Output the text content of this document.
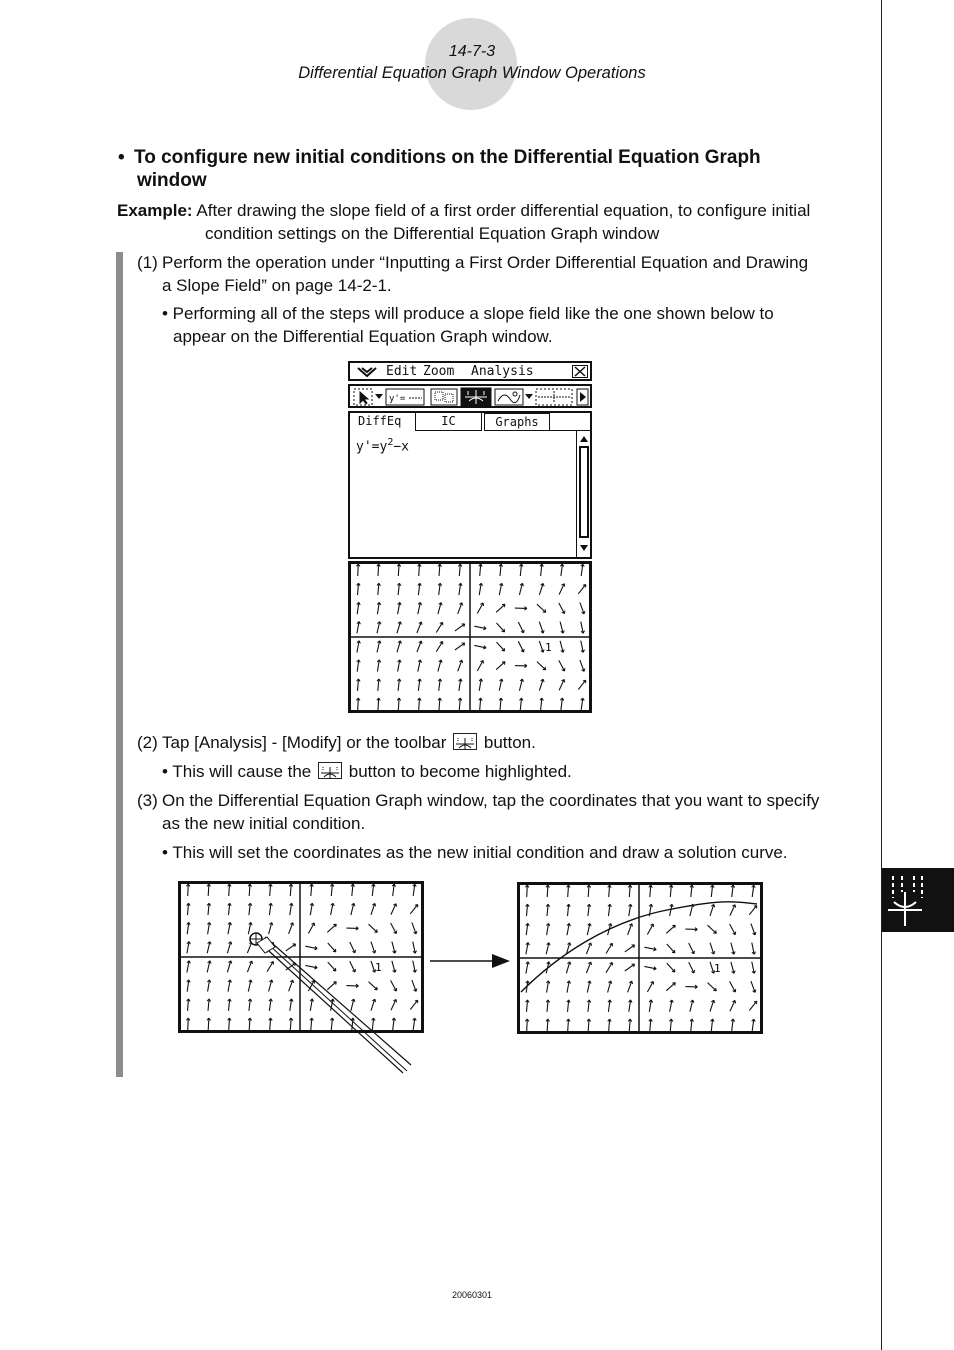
14-7-3
Differential Equation Graph Window Operations
• To configure new initial conditions on the Differential Equation Graph
window
Example: After drawing the slope field of a first order differential equation, to configure initial
condition settings on the Differential Equation Graph window
(1) Perform the operation under “Inputting a First Order Differential Equation and Drawing
a Slope Field” on page 14-2-1.
• Performing all of the steps will produce a slope field like the one shown below to
appear on the Differential Equation Graph window.
Edit Zoom Analysis
y'=
DiffEq	IC	Graphs
$y'=y^2-x$
1
(2) Tap [Analysis] - [Modify] or the toolbar button.
• This will cause the button to become highlighted.
(3) On the Differential Equation Graph window, tap the coordinates that you want to specify
as the new initial condition.
• This will set the coordinates as the new initial condition and draw a solution curve.
1	1
20060301
